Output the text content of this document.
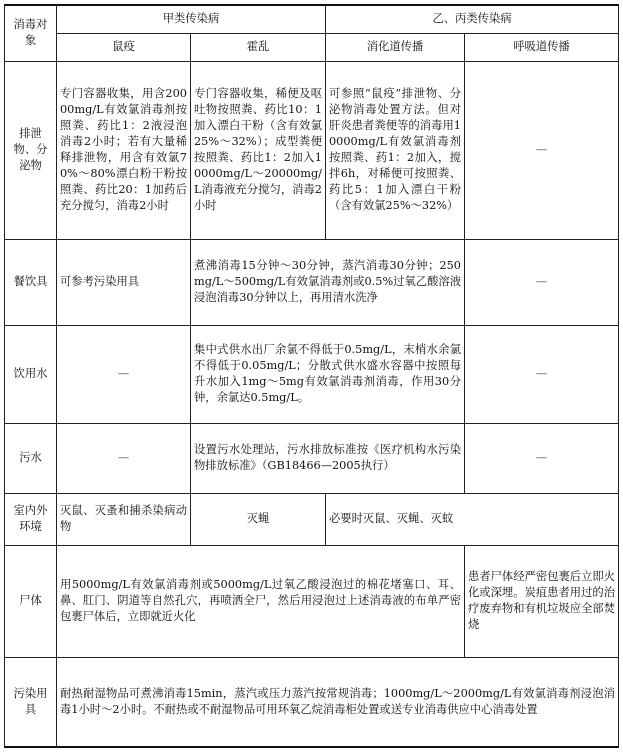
消毒对象	甲类传染病		乙、丙类传染病	
	鼠疫	霍乱	消化道传播	呼吸道传播
排泄物、分泌物	专门容器收集，用含20000mg/L有效氯消毒剂按照粪、药比1：2液浸泡消毒2小时；若有大量稀释排泄物，用含有效氯70%～80%漂白粉干粉按照粪、药比20：1加药后充分搅匀，消毒2小时	专门容器收集，稀便及呕吐物按照粪、药比10：1加入漂白干粉（含有效氯25%～32%）；成型粪便按照粪、药比1：2加入10000mg/L～20000mg/L消毒液充分搅匀，消毒2小时	可参照“鼠疫”排泄物、分泌物消毒处置方法。但对肝炎患者粪便等的消毒用10000mg/L有效氯消毒剂按照粪、药1：2加入，搅拌6h，对稀便可按照粪、药比5：1加入漂白干粉（含有效氯25%～32%）	—
餐饮具	可参考污染用具	煮沸消毒15分钟～30分钟，蒸汽消毒30分钟；250mg/L～500mg/L有效氯消毒剂或0.5%过氧乙酸溶液浸泡消毒30分钟以上，再用清水洗净		—
饮用水	—	集中式供水出厂余氯不得低于0.5mg/L，末梢水余氯不得低于0.05mg/L；分散式供水盛水容器中按照每升水加入1mg～5mg有效氯消毒剂消毒，作用30分钟，余氯达0.5mg/L。		—
污水	—	设置污水处理站，污水排放标准按《医疗机构水污染物排放标准》（GB18466—2005执行）		—
室内外环境	灭鼠、灭蚤和捕杀染病动物	灭蝇	必要时灭鼠、灭蝇、灭蚊	
尸体	用5000mg/L有效氯消毒剂或5000mg/L过氧乙酸浸泡过的棉花堵塞口、耳、鼻、肛门、阴道等自然孔穴，再喷洒全尸，然后用浸泡过上述消毒液的布单严密包裹尸体后，立即就近火化			患者尸体经严密包裹后立即火化或深埋。炭疽患者用过的治疗废弃物和有机垃圾应全部焚烧
污染用具	耐热耐湿物品可煮沸消毒15min，蒸汽或压力蒸汽按常规消毒；1000mg/L～2000mg/L有效氯消毒剂浸泡消毒1小时～2小时。不耐热或不耐湿物品可用环氧乙烷消毒柜处置或送专业消毒供应中心消毒处置			
